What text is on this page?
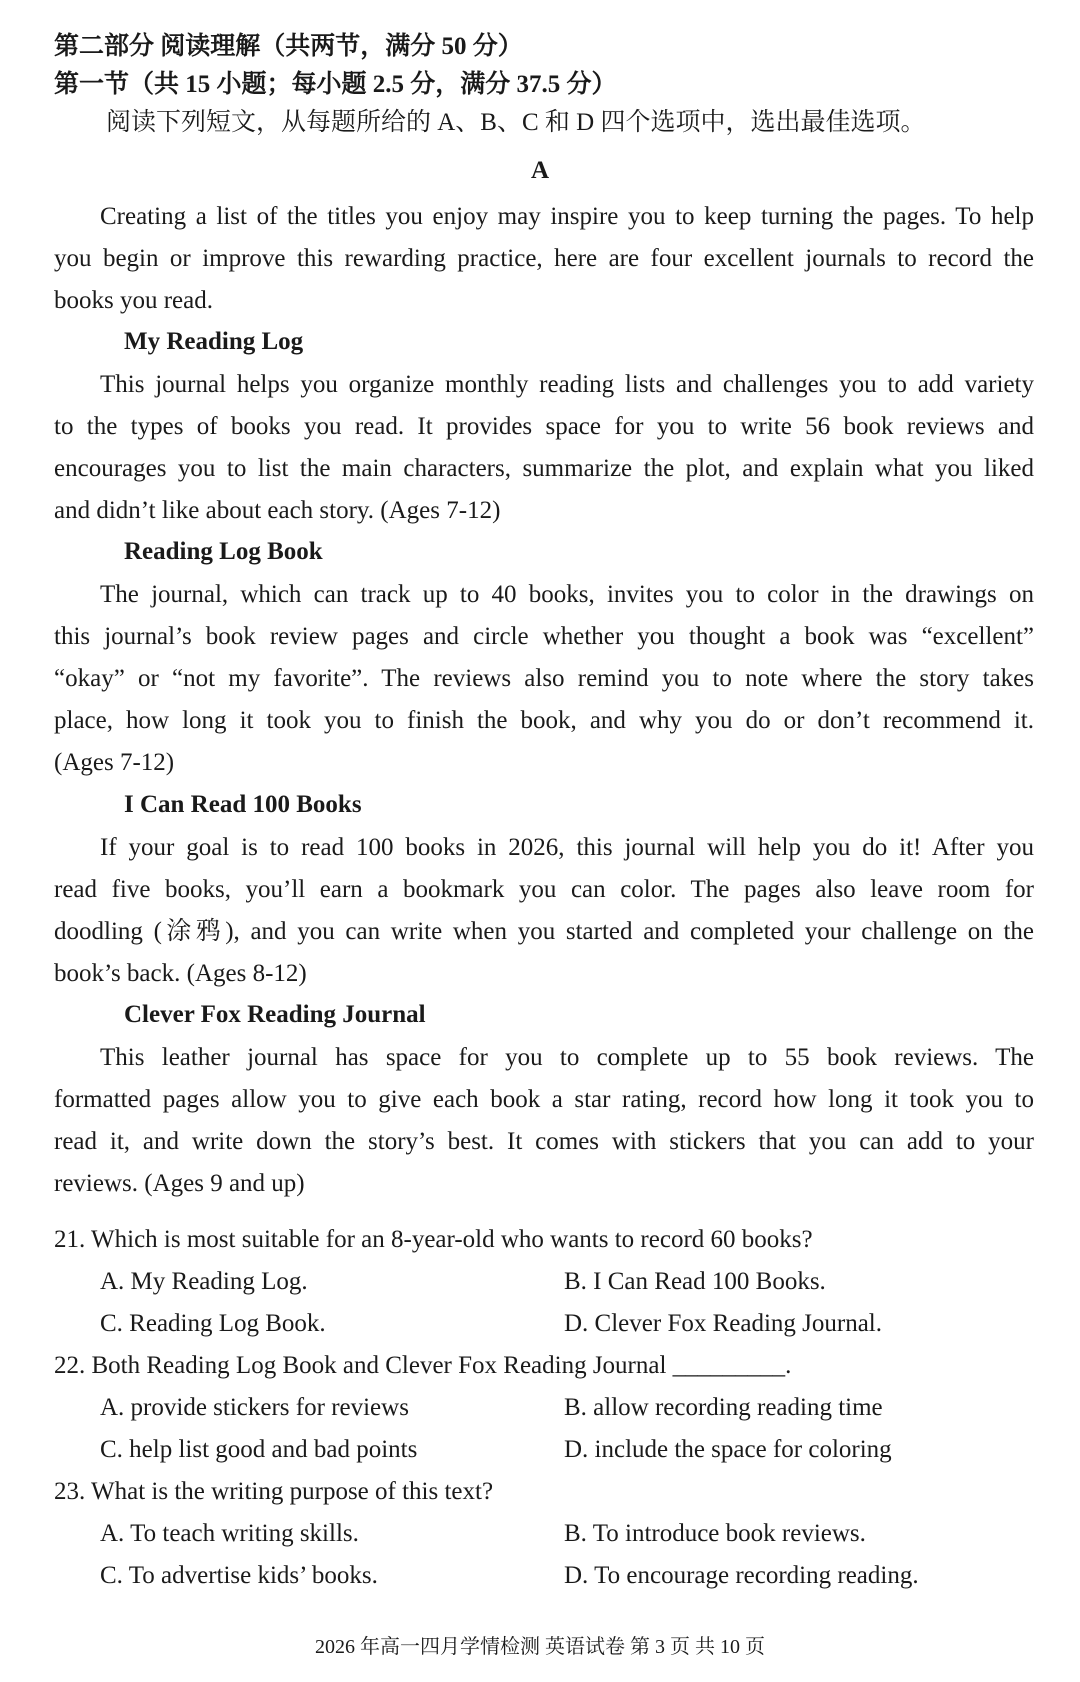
第二部分 阅读理解（共两节，满分 50 分）
第一节（共 15 小题；每小题 2.5 分，满分 37.5 分）
阅读下列短文，从每题所给的 A、B、C 和 D 四个选项中，选出最佳选项。
A

Creating a list of the titles you enjoy may inspire you to keep turning the pages. To help

you begin or improve this rewarding practice, here are four excellent journals to record the

books you read.

My Reading Log

This journal helps you organize monthly reading lists and challenges you to add variety

to the types of books you read. It provides space for you to write 56 book reviews and

encourages you to list the main characters, summarize the plot, and explain what you liked

and didn’t like about each story. (Ages 7-12)

Reading Log Book

The journal, which can track up to 40 books, invites you to color in the drawings on

this journal’s book review pages and circle whether you thought a book was “excellent”

“okay” or “not my favorite”. The reviews also remind you to note where the story takes

place, how long it took you to finish the book, and why you do or don’t recommend it.

(Ages 7-12)

I Can Read 100 Books

If your goal is to read 100 books in 2026, this journal will help you do it! After you

read five books, you’ll earn a bookmark you can color. The pages also leave room for

doodling (涂鸦), and you can write when you started and completed your challenge on the

book’s back. (Ages 8-12)

Clever Fox Reading Journal

This leather journal has space for you to complete up to 55 book reviews. The

formatted pages allow you to give each book a star rating, record how long it took you to

read it, and write down the story’s best. It comes with stickers that you can add to your

reviews. (Ages 9 and up)

21. Which is most suitable for an 8-year-old who wants to record 60 books?
A. My Reading Log.	B. I Can Read 100 Books.
C. Reading Log Book.	D. Clever Fox Reading Journal.
22. Both Reading Log Book and Clever Fox Reading Journal _________.
A. provide stickers for reviews	B. allow recording reading time
C. help list good and bad points	D. include the space for coloring
23. What is the writing purpose of this text?
A. To teach writing skills.	B. To introduce book reviews.
C. To advertise kids’ books.	D. To encourage recording reading.
2026 年高一四月学情检测 英语试卷 第 3 页 共 10 页
